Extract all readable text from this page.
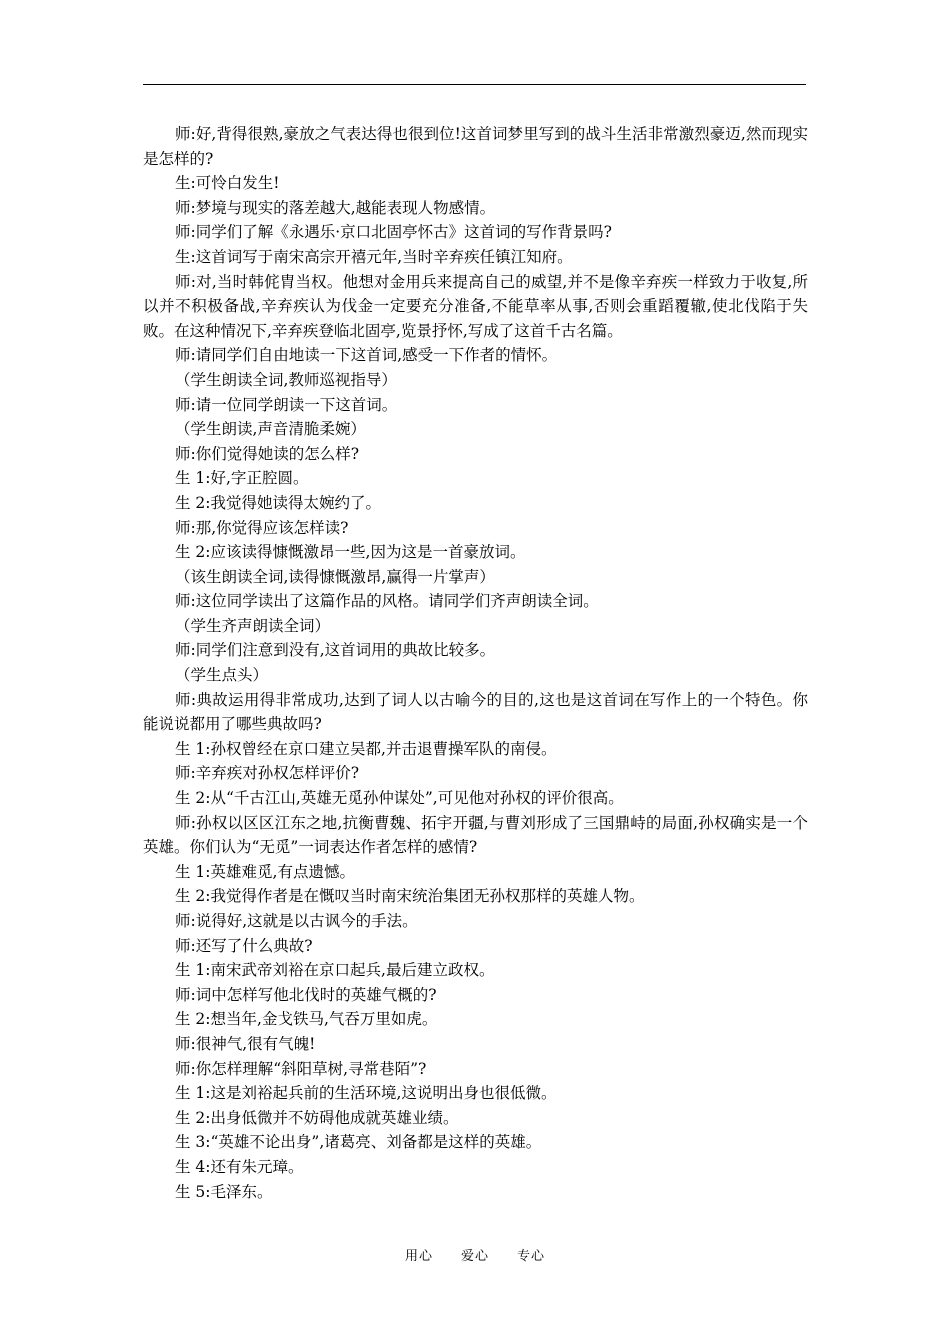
师:好,背得很熟,豪放之气表达得也很到位!这首词梦里写到的战斗生活非常激烈豪迈,然而现实是怎样的?

生:可怜白发生!

师:梦境与现实的落差越大,越能表现人物感情。

师:同学们了解《永遇乐·京口北固亭怀古》这首词的写作背景吗?

生:这首词写于南宋高宗开禧元年,当时辛弃疾任镇江知府。

师:对,当时韩侂胄当权。他想对金用兵来提高自己的威望,并不是像辛弃疾一样致力于收复,所以并不积极备战,辛弃疾认为伐金一定要充分准备,不能草率从事,否则会重蹈覆辙,使北伐陷于失败。在这种情况下,辛弃疾登临北固亭,览景抒怀,写成了这首千古名篇。

师:请同学们自由地读一下这首词,感受一下作者的情怀。

（学生朗读全词,教师巡视指导）

师:请一位同学朗读一下这首词。

（学生朗读,声音清脆柔婉）

师:你们觉得她读的怎么样?

生 1:好,字正腔圆。

生 2:我觉得她读得太婉约了。

师:那,你觉得应该怎样读?

生 2:应该读得慷慨激昂一些,因为这是一首豪放词。

（该生朗读全词,读得慷慨激昂,赢得一片掌声）

师:这位同学读出了这篇作品的风格。请同学们齐声朗读全词。

（学生齐声朗读全词）

师:同学们注意到没有,这首词用的典故比较多。

（学生点头）

师:典故运用得非常成功,达到了词人以古喻今的目的,这也是这首词在写作上的一个特色。你能说说都用了哪些典故吗?

生 1:孙权曾经在京口建立吴都,并击退曹操军队的南侵。

师:辛弃疾对孙权怎样评价?

生 2:从“千古江山,英雄无觅孙仲谋处”,可见他对孙权的评价很高。

师:孙权以区区江东之地,抗衡曹魏、拓宇开疆,与曹刘形成了三国鼎峙的局面,孙权确实是一个英雄。你们认为“无觅”一词表达作者怎样的感情?

生 1:英雄难觅,有点遗憾。

生 2:我觉得作者是在慨叹当时南宋统治集团无孙权那样的英雄人物。

师:说得好,这就是以古讽今的手法。

师:还写了什么典故?

生 1:南宋武帝刘裕在京口起兵,最后建立政权。

师:词中怎样写他北伐时的英雄气概的?

生 2:想当年,金戈铁马,气吞万里如虎。

师:很神气,很有气魄!

师:你怎样理解“斜阳草树,寻常巷陌”?

生 1:这是刘裕起兵前的生活环境,这说明出身也很低微。

生 2:出身低微并不妨碍他成就英雄业绩。

生 3:“英雄不论出身”,诸葛亮、刘备都是这样的英雄。

生 4:还有朱元璋。

生 5:毛泽东。

用心　　爱心　　专心
